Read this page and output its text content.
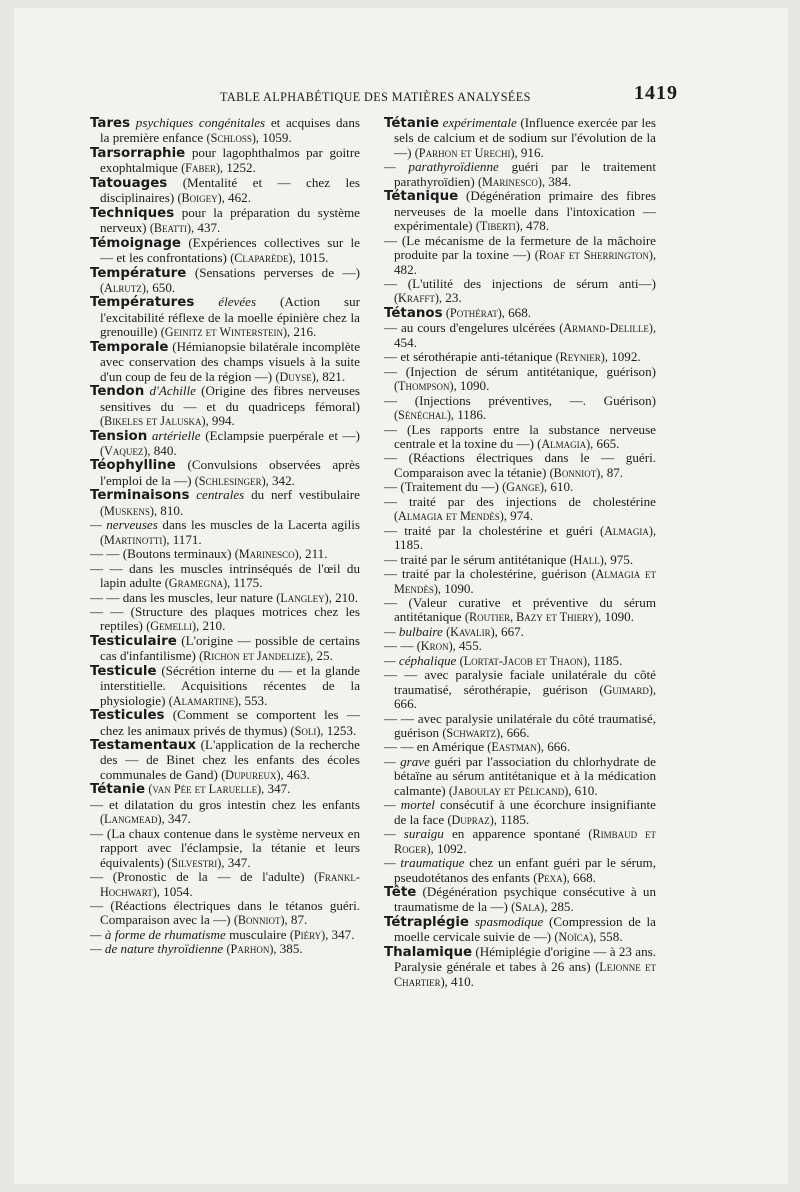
TABLE ALPHABÉTIQUE DES MATIÈRES ANALYSÉES	1419
Tares psychiques congénitales et acquises dans la première enfance (Schloss), 1059.
Tarsorraphie pour lagophthalmos par goitre exophtalmique (Faber), 1252.
Tatouages (Mentalité et — chez les disciplinaires) (Boigey), 462.
Techniques pour la préparation du système nerveux) (Beatti), 437.
Témoignage (Expériences collectives sur le — et les confrontations) (Claparède), 1015.
Température (Sensations perverses de —) (Alrutz), 650.
Températures élevées (Action sur l'excitabilité réflexe de la moelle épinière chez la grenouille) (Geinitz et Winterstein), 216.
Temporale (Hémianopsie bilatérale incomplète avec conservation des champs visuels à la suite d'un coup de feu de la région —) (Duyse), 821.
Tendon d'Achille (Origine des fibres nerveuses sensitives du — et du quadriceps fémoral) (Bikeles et Jaluska), 994.
Tension artérielle (Eclampsie puerpérale et —) (Vaquez), 840.
Téophylline (Convulsions observées après l'emploi de la —) (Schlesinger), 342.
Terminaisons centrales du nerf vestibulaire (Muskens), 810.
— nerveuses dans les muscles de la Lacerta agilis (Martinotti), 1171.
— — (Boutons terminaux) (Marinesco), 211.
— — dans les muscles intrinséqués de l'œil du lapin adulte (Gramegna), 1175.
— — dans les muscles, leur nature (Langley), 210.
— — (Structure des plaques motrices chez les reptiles) (Gemelli), 210.
Testiculaire (L'origine — possible de certains cas d'infantilisme) (Richon et Jandelize), 25.
Testicule (Sécrétion interne du — et la glande interstitielle. Acquisitions récentes de la physiologie) (Alamartine), 553.
Testicules (Comment se comportent les — chez les animaux privés de thymus) (Soli), 1253.
Testamentaux (L'application de la recherche des — de Binet chez les enfants des écoles communales de Gand) (Dupureux), 463.
Tétanie (van Pée et Laruelle), 347.
— et dilatation du gros intestin chez les enfants (Langmead), 347.
— (La chaux contenue dans le système nerveux en rapport avec l'éclampsie, la tétanie et leurs équivalents) (Silvestri), 347.
— (Pronostic de la — de l'adulte) (Frankl-Hochwart), 1054.
— (Réactions électriques dans le tétanos guéri. Comparaison avec la —) (Bonniot), 87.
— à forme de rhumatisme musculaire (Piéry), 347.
— de nature thyroïdienne (Parhon), 385.
Tétanie expérimentale (Influence exercée par les sels de calcium et de sodium sur l'évolution de la —) (Parhon et Urechi), 916.
— parathyroïdienne guéri par le traitement parathyroïdien) (Marinesco), 384.
Tétanique (Dégénération primaire des fibres nerveuses de la moelle dans l'intoxication — expérimentale) (Tiberti), 478.
— (Le mécanisme de la fermeture de la mâchoire produite par la toxine —) (Roaf et Sherrington), 482.
— (L'utilité des injections de sérum anti—) (Krafft), 23.
Tétanos (Pothérat), 668.
— au cours d'engelures ulcérées (Armand-Delille), 454.
— et sérothérapie anti-tétanique (Reynier), 1092.
— (Injection de sérum antitétanique, guérison) (Thompson), 1090.
— (Injections préventives, —. Guérison) (Sénéchal), 1186.
— (Les rapports entre la substance nerveuse centrale et la toxine du —) (Almagia), 665.
— (Réactions électriques dans le — guéri. Comparaison avec la tétanie) (Bonniot), 87.
— (Traitement du —) (Gange), 610.
— traité par des injections de cholestérine (Almagia et Mendès), 974.
— traité par la cholestérine et guéri (Almagia), 1185.
— traité par le sérum antitétanique (Hall), 975.
— traité par la cholestérine, guérison (Almagia et Mendès), 1090.
— (Valeur curative et préventive du sérum antitétanique (Routier, Bazy et Thiery), 1090.
— bulbaire (Kavalir), 667.
— — (Kron), 455.
— céphalique (Lortat-Jacob et Thaon), 1185.
— — avec paralysie faciale unilatérale du côté traumatisé, sérothérapie, guérison (Guimard), 666.
— — avec paralysie unilatérale du côté traumatisé, guérison (Schwartz), 666.
— — en Amérique (Eastman), 666.
— grave guéri par l'association du chlorhydrate de bétaïne au sérum antitétanique et à la médication calmante) (Jaboulay et Pélicand), 610.
— mortel consécutif à une écorchure insignifiante de la face (Dupraz), 1185.
— suraigu en apparence spontané (Rimbaud et Roger), 1092.
— traumatique chez un enfant guéri par le sérum, pseudotétanos des enfants (Pexa), 668.
Tête (Dégénération psychique consécutive à un traumatisme de la —) (Sala), 285.
Tétraplégie spasmodique (Compression de la moelle cervicale suivie de —) (Noïca), 558.
Thalamique (Hémiplégie d'origine — à 23 ans. Paralysie générale et tabes à 26 ans) (Lejonne et Chartier), 410.
